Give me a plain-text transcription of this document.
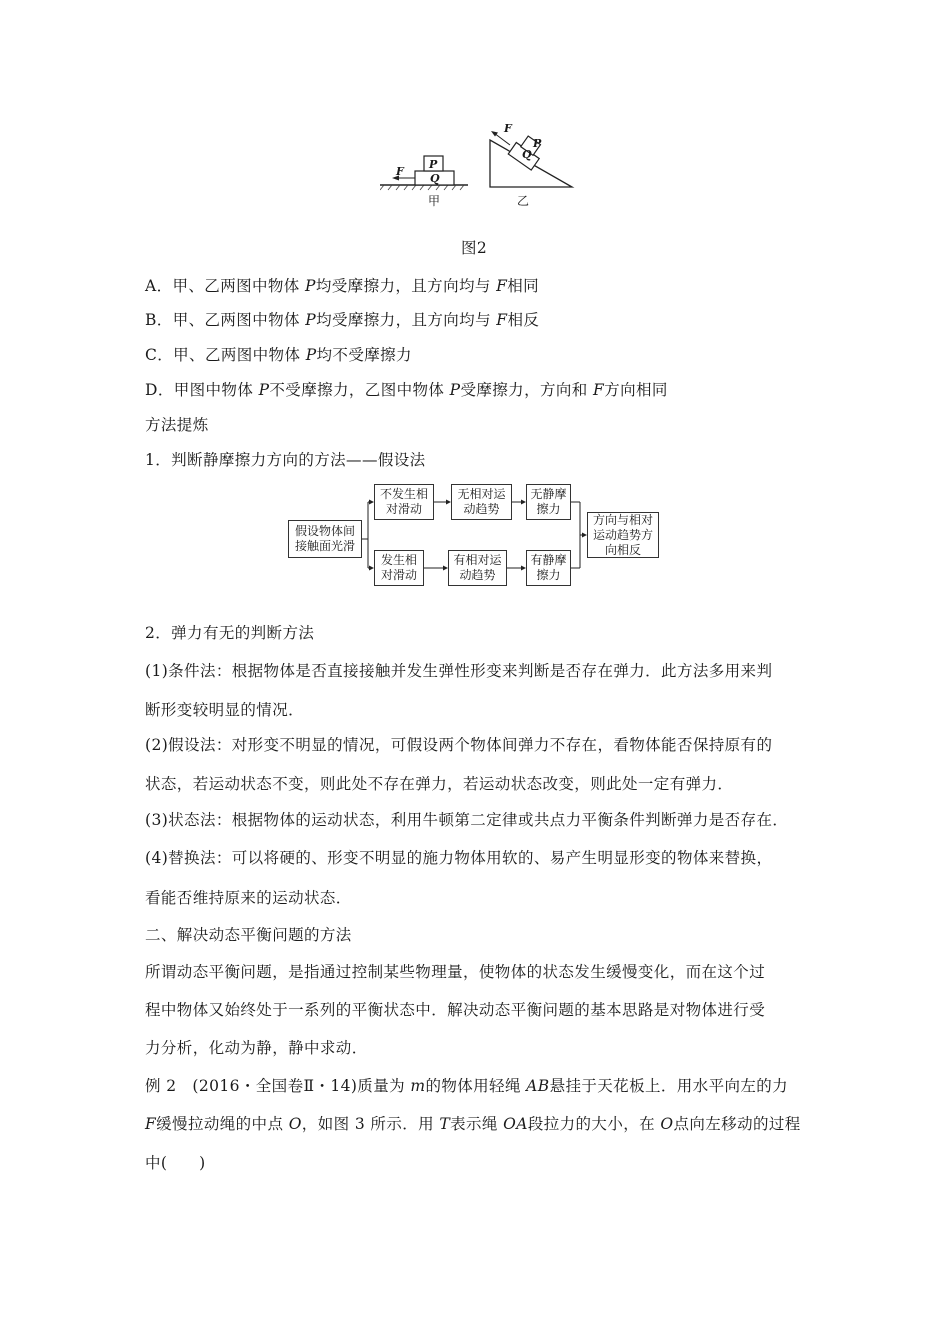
F
P
Q
甲
F
P
Q
乙
图2
A．甲、乙两图中物体 P均受摩擦力，且方向均与 F相同
B．甲、乙两图中物体 P均受摩擦力，且方向均与 F相反
C．甲、乙两图中物体 P均不受摩擦力
D．甲图中物体 P不受摩擦力，乙图中物体 P受摩擦力，方向和 F方向相同
方法提炼
1．判断静摩擦力方向的方法——假设法
假设物体间接触面光滑
不发生相对滑动
无相对运动趋势
无静摩擦力
发生相对滑动
有相对运动趋势
有静摩擦力
方向与相对运动趋势方向相反
2．弹力有无的判断方法
(1)条件法：根据物体是否直接接触并发生弹性形变来判断是否存在弹力．此方法多用来判
断形变较明显的情况．
(2)假设法：对形变不明显的情况，可假设两个物体间弹力不存在，看物体能否保持原有的
状态，若运动状态不变，则此处不存在弹力，若运动状态改变，则此处一定有弹力．
(3)状态法：根据物体的运动状态，利用牛顿第二定律或共点力平衡条件判断弹力是否存在．
(4)替换法：可以将硬的、形变不明显的施力物体用软的、易产生明显形变的物体来替换，
看能否维持原来的运动状态．
二、解决动态平衡问题的方法
所谓动态平衡问题，是指通过控制某些物理量，使物体的状态发生缓慢变化，而在这个过
程中物体又始终处于一系列的平衡状态中．解决动态平衡问题的基本思路是对物体进行受
力分析，化动为静，静中求动．
例 2　(2016・全国卷Ⅱ・14)质量为 m的物体用轻绳 AB悬挂于天花板上．用水平向左的力
F缓慢拉动绳的中点 O，如图 3 所示．用 T表示绳 OA段拉力的大小，在 O点向左移动的过程
中(　　)
